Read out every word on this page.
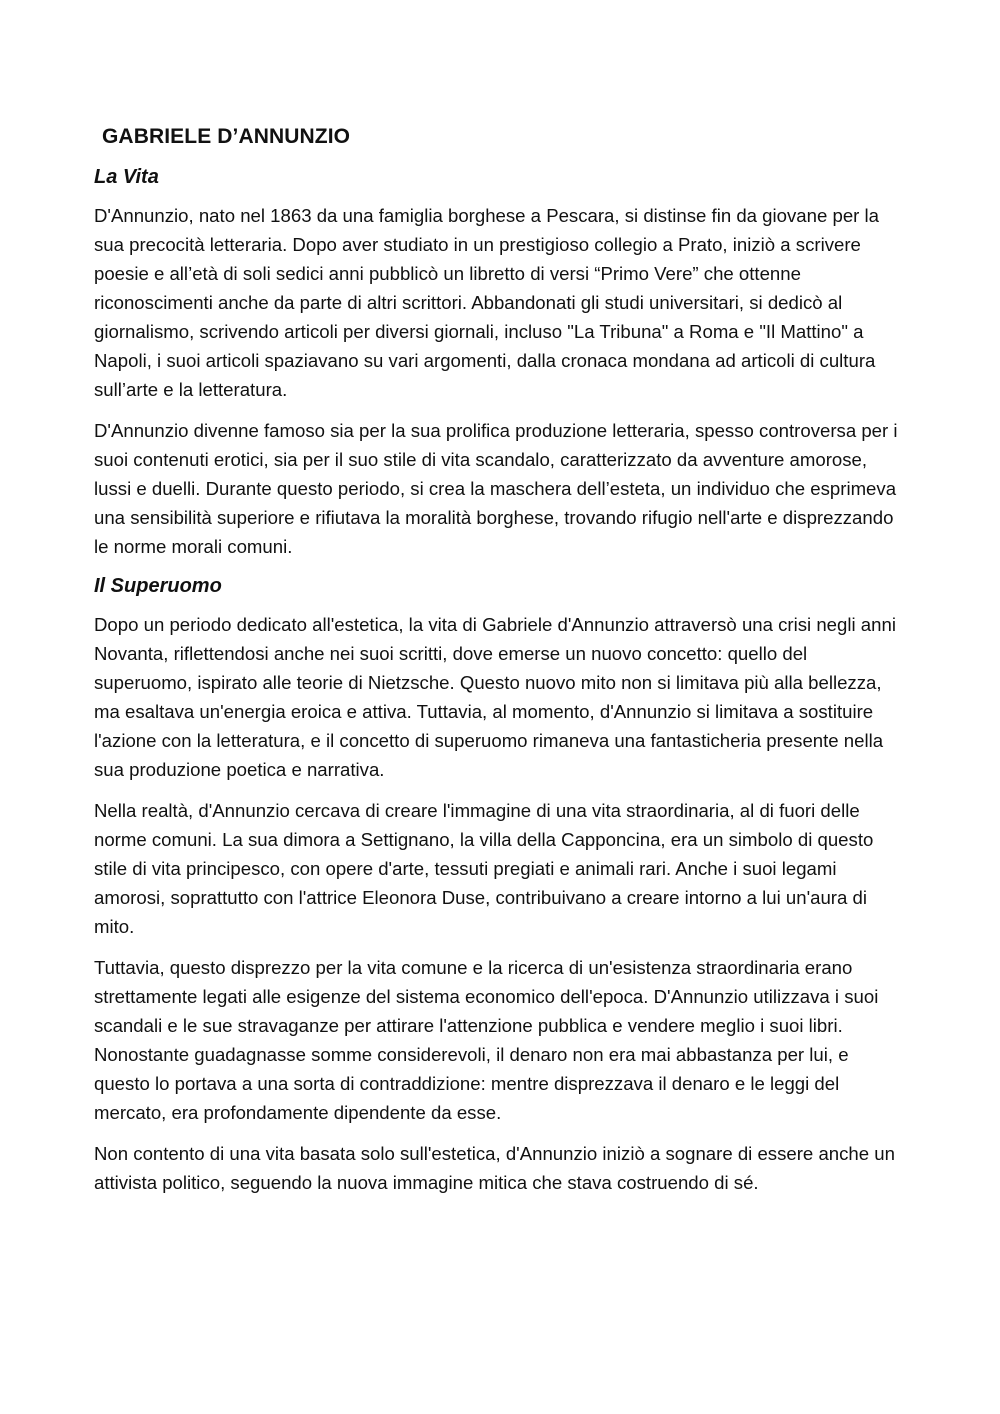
GABRIELE D’ANNUNZIO
La Vita

D'Annunzio, nato nel 1863 da una famiglia borghese a Pescara, si distinse fin da giovane per la sua precocità letteraria. Dopo aver studiato in un prestigioso collegio a Prato, iniziò a scrivere poesie e all’età di soli sedici anni pubblicò un libretto di versi “Primo Vere” che ottenne riconoscimenti anche da parte di altri scrittori. Abbandonati gli studi universitari, si dedicò al giornalismo, scrivendo articoli per diversi giornali, incluso "La Tribuna" a Roma e "Il Mattino" a Napoli, i suoi articoli spaziavano su vari argomenti, dalla cronaca mondana ad articoli di cultura sull’arte e la letteratura.

D'Annunzio divenne famoso sia per la sua prolifica produzione letteraria, spesso controversa per i suoi contenuti erotici, sia per il suo stile di vita scandalo, caratterizzato da avventure amorose, lussi e duelli. Durante questo periodo, si crea la maschera dell’esteta, un individuo che esprimeva una sensibilità superiore e rifiutava la moralità borghese, trovando rifugio nell'arte e disprezzando le norme morali comuni.

Il Superuomo

Dopo un periodo dedicato all'estetica, la vita di Gabriele d'Annunzio attraversò una crisi negli anni Novanta, riflettendosi anche nei suoi scritti, dove emerse un nuovo concetto: quello del superuomo, ispirato alle teorie di Nietzsche. Questo nuovo mito non si limitava più alla bellezza, ma esaltava un'energia eroica e attiva. Tuttavia, al momento, d'Annunzio si limitava a sostituire l'azione con la letteratura, e il concetto di superuomo rimaneva una fantasticheria presente nella sua produzione poetica e narrativa.

Nella realtà, d'Annunzio cercava di creare l'immagine di una vita straordinaria, al di fuori delle norme comuni. La sua dimora a Settignano, la villa della Capponcina, era un simbolo di questo stile di vita principesco, con opere d'arte, tessuti pregiati e animali rari. Anche i suoi legami amorosi, soprattutto con l'attrice Eleonora Duse, contribuivano a creare intorno a lui un'aura di mito.

Tuttavia, questo disprezzo per la vita comune e la ricerca di un'esistenza straordinaria erano strettamente legati alle esigenze del sistema economico dell'epoca. D'Annunzio utilizzava i suoi scandali e le sue stravaganze per attirare l'attenzione pubblica e vendere meglio i suoi libri. Nonostante guadagnasse somme considerevoli, il denaro non era mai abbastanza per lui, e questo lo portava a una sorta di contraddizione: mentre disprezzava il denaro e le leggi del mercato, era profondamente dipendente da esse.

Non contento di una vita basata solo sull'estetica, d'Annunzio iniziò a sognare di essere anche un attivista politico, seguendo la nuova immagine mitica che stava costruendo di sé.
